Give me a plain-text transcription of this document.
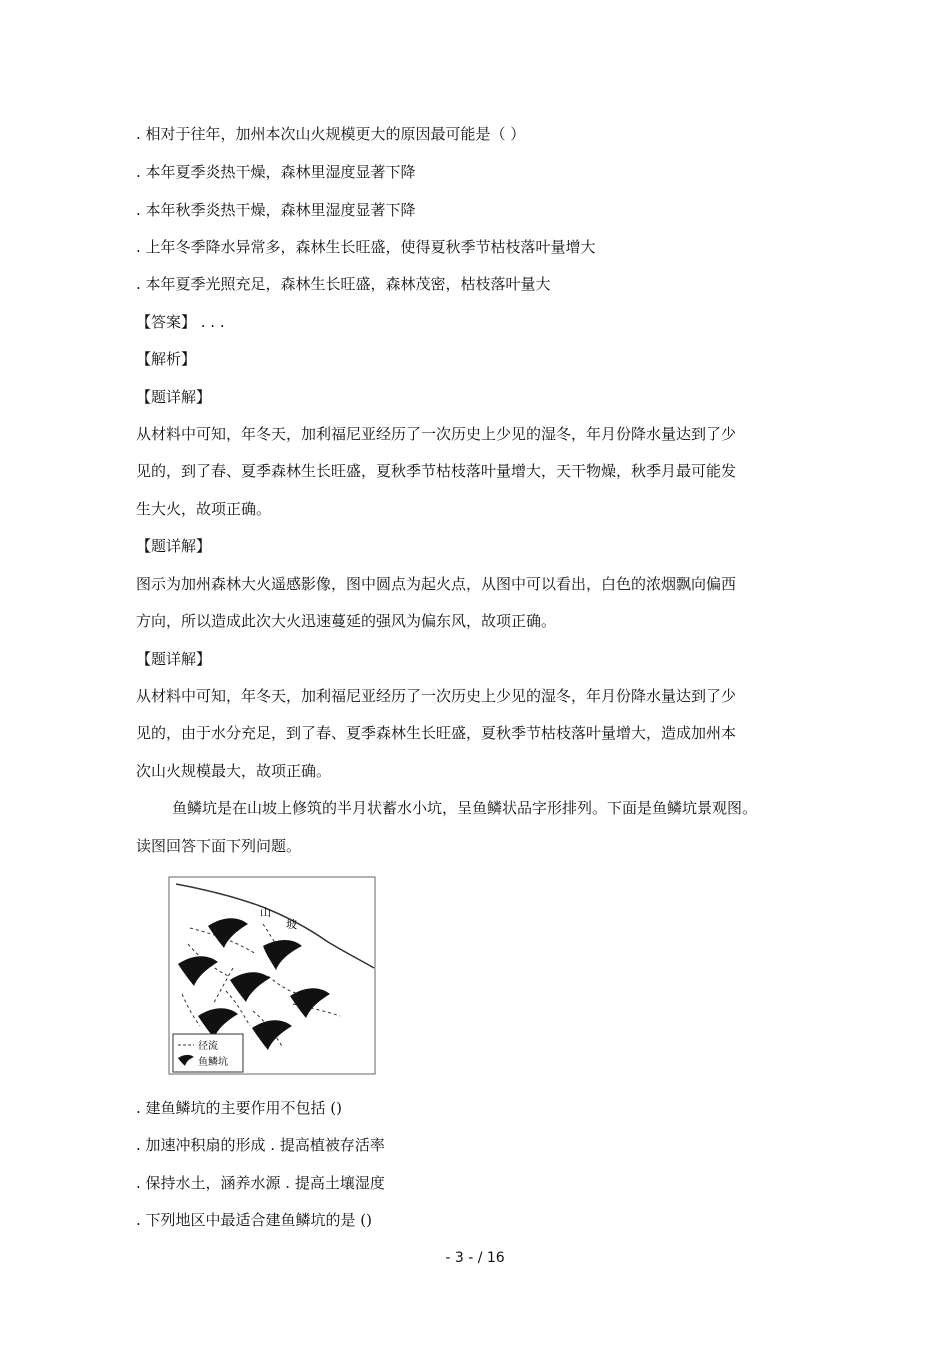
. 相对于往年，加州本次山火规模更大的原因最可能是（ ）
. 本年夏季炎热干燥，森林里湿度显著下降
. 本年秋季炎热干燥，森林里湿度显著下降
. 上年冬季降水异常多，森林生长旺盛，使得夏秋季节枯枝落叶量增大
. 本年夏季光照充足，森林生长旺盛，森林茂密，枯枝落叶量大
【答案】 . . .
【解析】
【题详解】
从材料中可知，年冬天，加利福尼亚经历了一次历史上少见的湿冬，年月份降水量达到了少
见的，到了春、夏季森林生长旺盛，夏秋季节枯枝落叶量增大，天干物燥，秋季月最可能发
生大火，故项正确。
【题详解】
图示为加州森林大火遥感影像，图中圆点为起火点，从图中可以看出，白色的浓烟飘向偏西
方向，所以造成此次大火迅速蔓延的强风为偏东风，故项正确。
【题详解】
从材料中可知，年冬天，加利福尼亚经历了一次历史上少见的湿冬，年月份降水量达到了少
见的，由于水分充足，到了春、夏季森林生长旺盛，夏秋季节枯枝落叶量增大，造成加州本
次山火规模最大，故项正确。
鱼鳞坑是在山坡上修筑的半月状蓄水小坑，呈鱼鳞状品字形排列。下面是鱼鳞坑景观图。
读图回答下面下列问题。
山
坡
径流
鱼鳞坑
. 建鱼鳞坑的主要作用不包括 ()
. 加速冲积扇的形成 . 提高植被存活率
. 保持水土，涵养水源 . 提高土壤湿度
. 下列地区中最适合建鱼鳞坑的是 ()
- 3 - / 16
